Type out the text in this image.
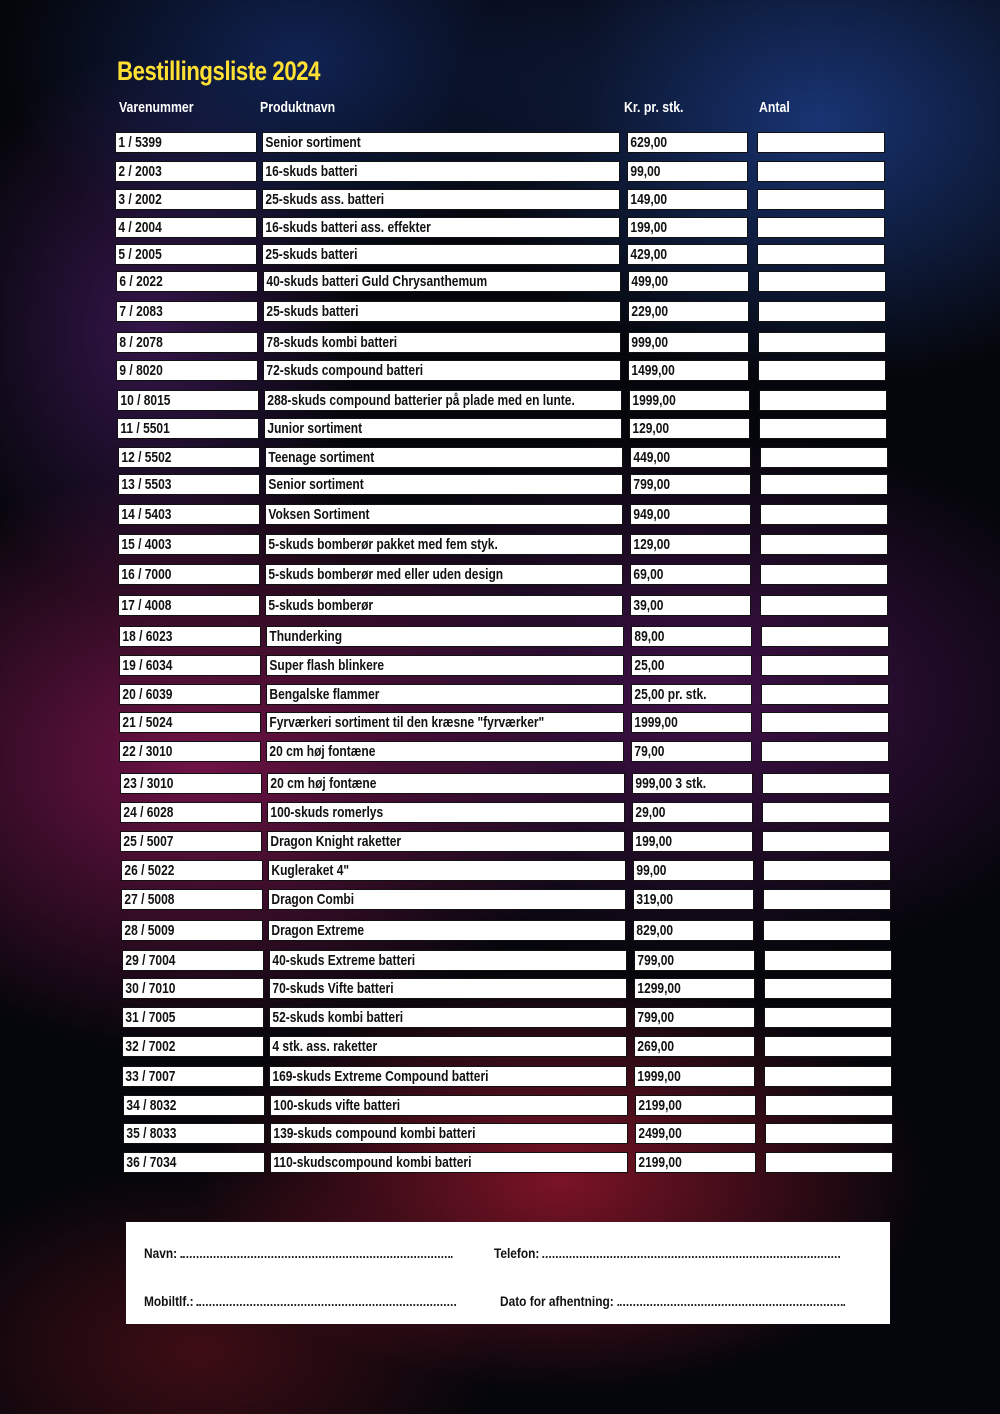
Bestillingsliste 2024
Varenummer	Produktnavn	Kr. pr. stk.	Antal
1 / 5399	Senior sortiment	629,00
2 / 2003	16-skuds batteri	99,00
3 / 2002	25-skuds ass. batteri	149,00
4 / 2004	16-skuds batteri ass. effekter	199,00
5 / 2005	25-skuds batteri	429,00
6 / 2022	40-skuds batteri Guld Chrysanthemum	499,00
7 / 2083	25-skuds batteri	229,00
8 / 2078	78-skuds kombi batteri	999,00
9 / 8020	72-skuds compound batteri	1499,00
10 / 8015	288-skuds compound batterier på plade med en lunte.	1999,00
11 / 5501	Junior sortiment	129,00
12 / 5502	Teenage sortiment	449,00
13 / 5503	Senior sortiment	799,00
14 / 5403	Voksen Sortiment	949,00
15 / 4003	5-skuds bomberør pakket med fem styk.	129,00
16 / 7000	5-skuds bomberør med eller uden design	69,00
17 / 4008	5-skuds bomberør	39,00
18 / 6023	Thunderking	89,00
19 / 6034	Super flash blinkere	25,00
20 / 6039	Bengalske flammer	25,00 pr. stk.
21 / 5024	Fyrværkeri sortiment til den kræsne "fyrværker"	1999,00
22 / 3010	20 cm høj fontæne	79,00
23 / 3010	20 cm høj fontæne	999,00 3 stk.
24 / 6028	100-skuds romerlys	29,00
25 / 5007	Dragon Knight raketter	199,00
26 / 5022	Kugleraket 4"	99,00
27 / 5008	Dragon Combi	319,00
28 / 5009	Dragon Extreme	829,00
29 / 7004	40-skuds Extreme batteri	799,00
30 / 7010	70-skuds Vifte batteri	1299,00
31 / 7005	52-skuds kombi batteri	799,00
32 / 7002	4 stk. ass. raketter	269,00
33 / 7007	169-skuds Extreme Compound batteri	1999,00
34 / 8032	100-skuds vifte batteri	2199,00
35 / 8033	139-skuds compound kombi batteri	2499,00
36 / 7034	110-skudscompound kombi batteri	2199,00
Navn:	Telefon:
Mobiltlf.:	Dato for afhentning:
